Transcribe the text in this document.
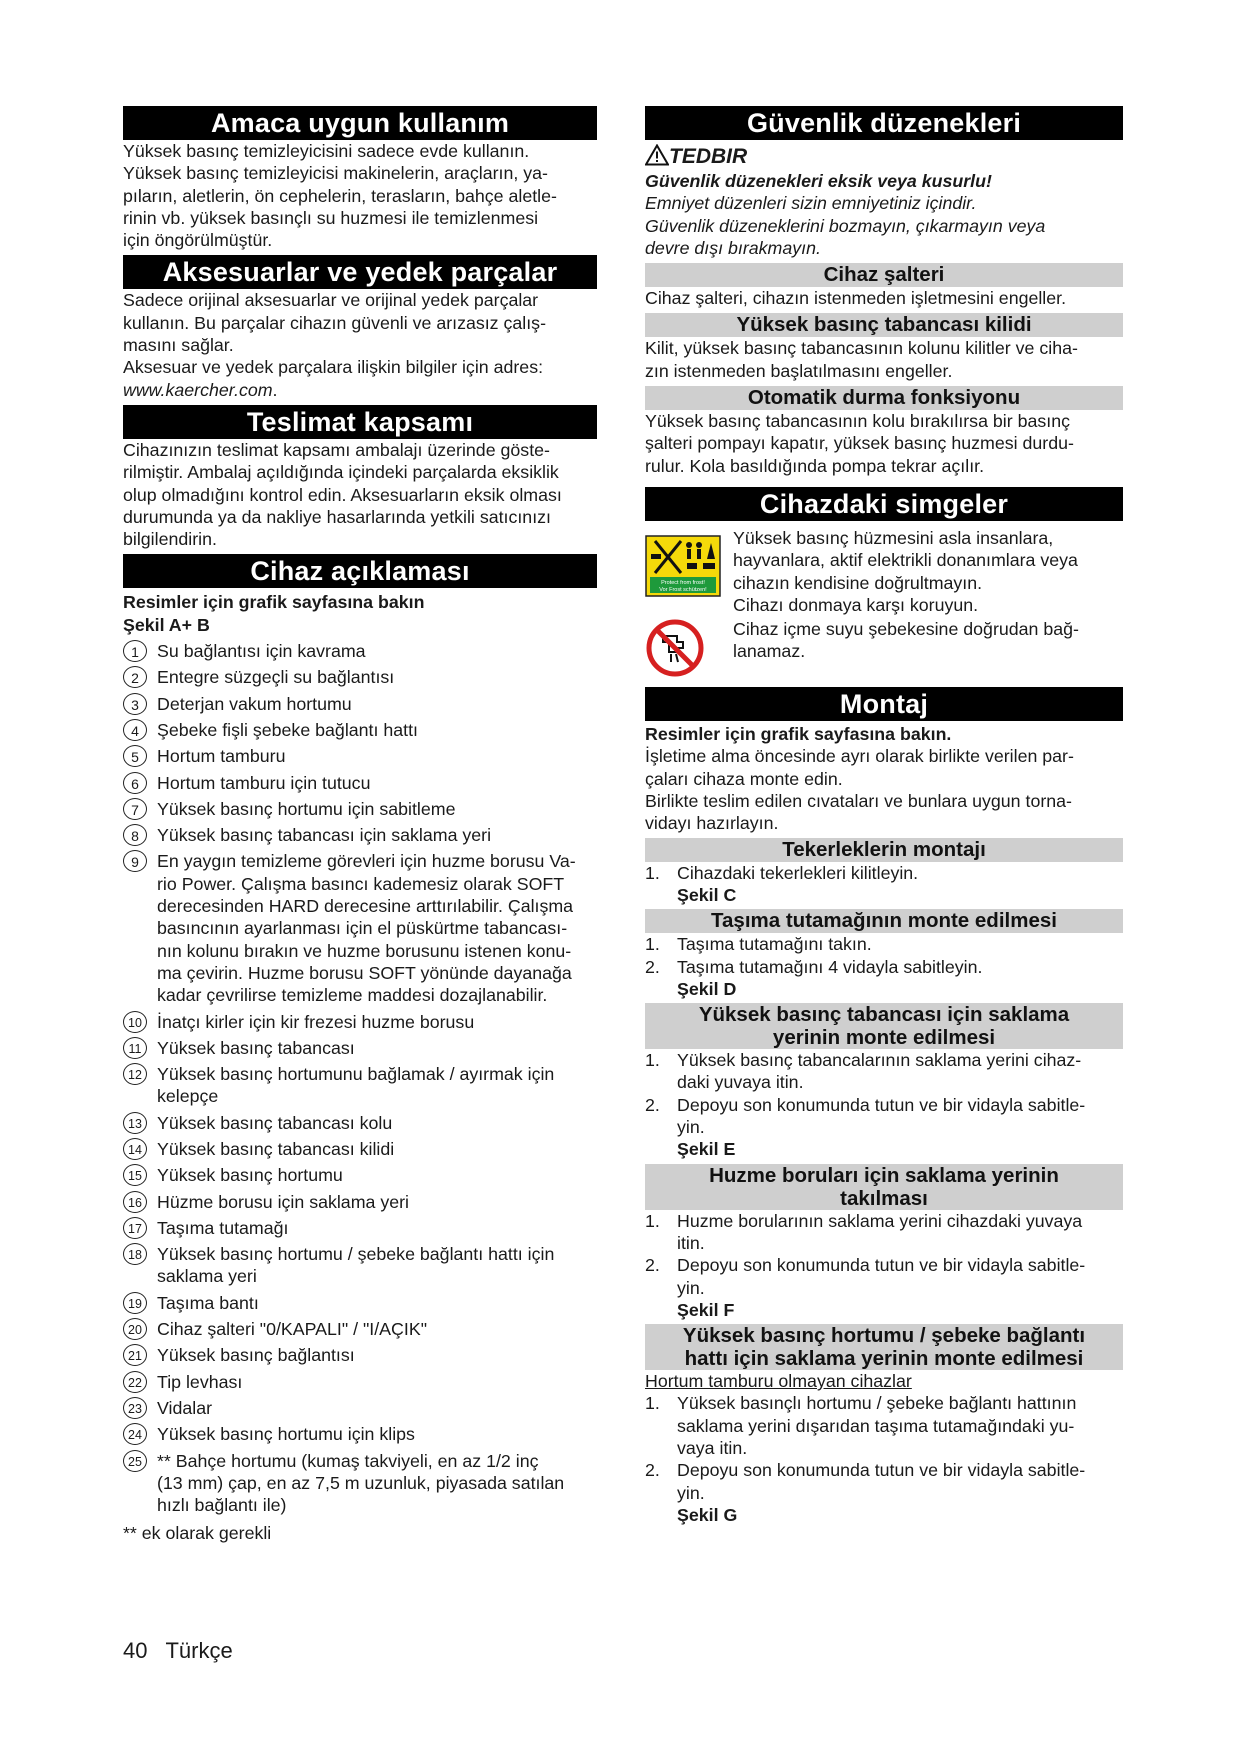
Amaca uygun kullanım

Yüksek basınç temizleyicisini sadece evde kullanın.

Yüksek basınç temizleyicisi makinelerin, araçların, ya-

pıların, aletlerin, ön cephelerin, terasların, bahçe aletle-

rinin vb. yüksek basınçlı su huzmesi ile temizlenmesi

için öngörülmüştür.

Aksesuarlar ve yedek parçalar

Sadece orijinal aksesuarlar ve orijinal yedek parçalar

kullanın. Bu parçalar cihazın güvenli ve arızasız çalış-

masını sağlar.

Aksesuar ve yedek parçalara ilişkin bilgiler için adres:

www.kaercher.com.

Teslimat kapsamı

Cihazınızın teslimat kapsamı ambalajı üzerinde göste-

rilmiştir. Ambalaj açıldığında içindeki parçalarda eksiklik

olup olmadığını kontrol edin. Aksesuarların eksik olması

durumunda ya da nakliye hasarlarında yetkili satıcınızı

bilgilendirin.

Cihaz açıklaması

Resimler için grafik sayfasına bakın

Şekil A+ B

1	Su bağlantısı için kavrama
2	Entegre süzgeçli su bağlantısı
3	Deterjan vakum hortumu
4	Şebeke fişli şebeke bağlantı hattı
5	Hortum tamburu
6	Hortum tamburu için tutucu
7	Yüksek basınç hortumu için sabitleme
8	Yüksek basınç tabancası için saklama yeri
9	En yaygın temizleme görevleri için huzme borusu Va-
rio Power. Çalışma basıncı kademesiz olarak SOFT
derecesinden HARD derecesine arttırılabilir. Çalışma
basıncının ayarlanması için el püskürtme tabancası-
nın kolunu bırakın ve huzme borusunu istenen konu-
ma çevirin. Huzme borusu SOFT yönünde dayanağa
kadar çevrilirse temizleme maddesi dozajlanabilir.
10 İnatçı kirler için kir frezesi huzme borusu
11 Yüksek basınç tabancası
12 Yüksek basınç hortumunu bağlamak / ayırmak için
kelepçe
13 Yüksek basınç tabancası kolu
14 Yüksek basınç tabancası kilidi
15 Yüksek basınç hortumu
16 Hüzme borusu için saklama yeri
17 Taşıma tutamağı
18 Yüksek basınç hortumu / şebeke bağlantı hattı için
saklama yeri
19 Taşıma bantı
20 Cihaz şalteri "0/KAPALI" / "I/AÇIK"
21 Yüksek basınç bağlantısı
22 Tip levhası
23 Vidalar
24 Yüksek basınç hortumu için klips
25 ** Bahçe hortumu (kumaş takviyeli, en az 1/2 inç
(13 mm) çap, en az 7,5 m uzunluk, piyasada satılan
hızlı bağlantı ile)

** ek olarak gerekli

Güvenlik düzenekleri
TEDBIR

Güvenlik düzenekleri eksik veya kusurlu!

Emniyet düzenleri sizin emniyetiniz içindir.

Güvenlik düzeneklerini bozmayın, çıkarmayın veya

devre dışı bırakmayın.

Cihaz şalteri

Cihaz şalteri, cihazın istenmeden işletmesini engeller.

Yüksek basınç tabancası kilidi

Kilit, yüksek basınç tabancasının kolunu kilitler ve ciha-

zın istenmeden başlatılmasını engeller.

Otomatik durma fonksiyonu

Yüksek basınç tabancasının kolu bırakılırsa bir basınç

şalteri pompayı kapatır, yüksek basınç huzmesi durdu-

rulur. Kola basıldığında pompa tekrar açılır.

Cihazdaki simgeler
Protect from frost!
Vor Frost schützen!

Yüksek basınç hüzmesini asla insanlara,

hayvanlara, aktif elektrikli donanımlara veya

cihazın kendisine doğrultmayın.

Cihazı donmaya karşı koruyun.

Cihaz içme suyu şebekesine doğrudan bağ-

lanamaz.

Montaj

Resimler için grafik sayfasına bakın.

İşletime alma öncesinde ayrı olarak birlikte verilen par-

çaları cihaza monte edin.

Birlikte teslim edilen cıvataları ve bunlara uygun torna-

vidayı hazırlayın.

Tekerleklerin montajı
1. Cihazdaki tekerlekleri kilitleyin.
Şekil C
Taşıma tutamağının monte edilmesi
1. Taşıma tutamağını takın.
2. Taşıma tutamağını 4 vidayla sabitleyin.
Şekil D
Yüksek basınç tabancası için saklama
yerinin monte edilmesi
1. Yüksek basınç tabancalarının saklama yerini cihaz-
daki yuvaya itin.
2. Depoyu son konumunda tutun ve bir vidayla sabitle-
yin.
Şekil E
Huzme boruları için saklama yerinin
takılması
1. Huzme borularının saklama yerini cihazdaki yuvaya
itin.
2. Depoyu son konumunda tutun ve bir vidayla sabitle-
yin.
Şekil F
Yüksek basınç hortumu / şebeke bağlantı
hattı için saklama yerinin monte edilmesi

Hortum tamburu olmayan cihazlar

1. Yüksek basınçlı hortumu / şebeke bağlantı hattının
saklama yerini dışarıdan taşıma tutamağındaki yu-
vaya itin.
2. Depoyu son konumunda tutun ve bir vidayla sabitle-
yin.
Şekil G
40 Türkçe
